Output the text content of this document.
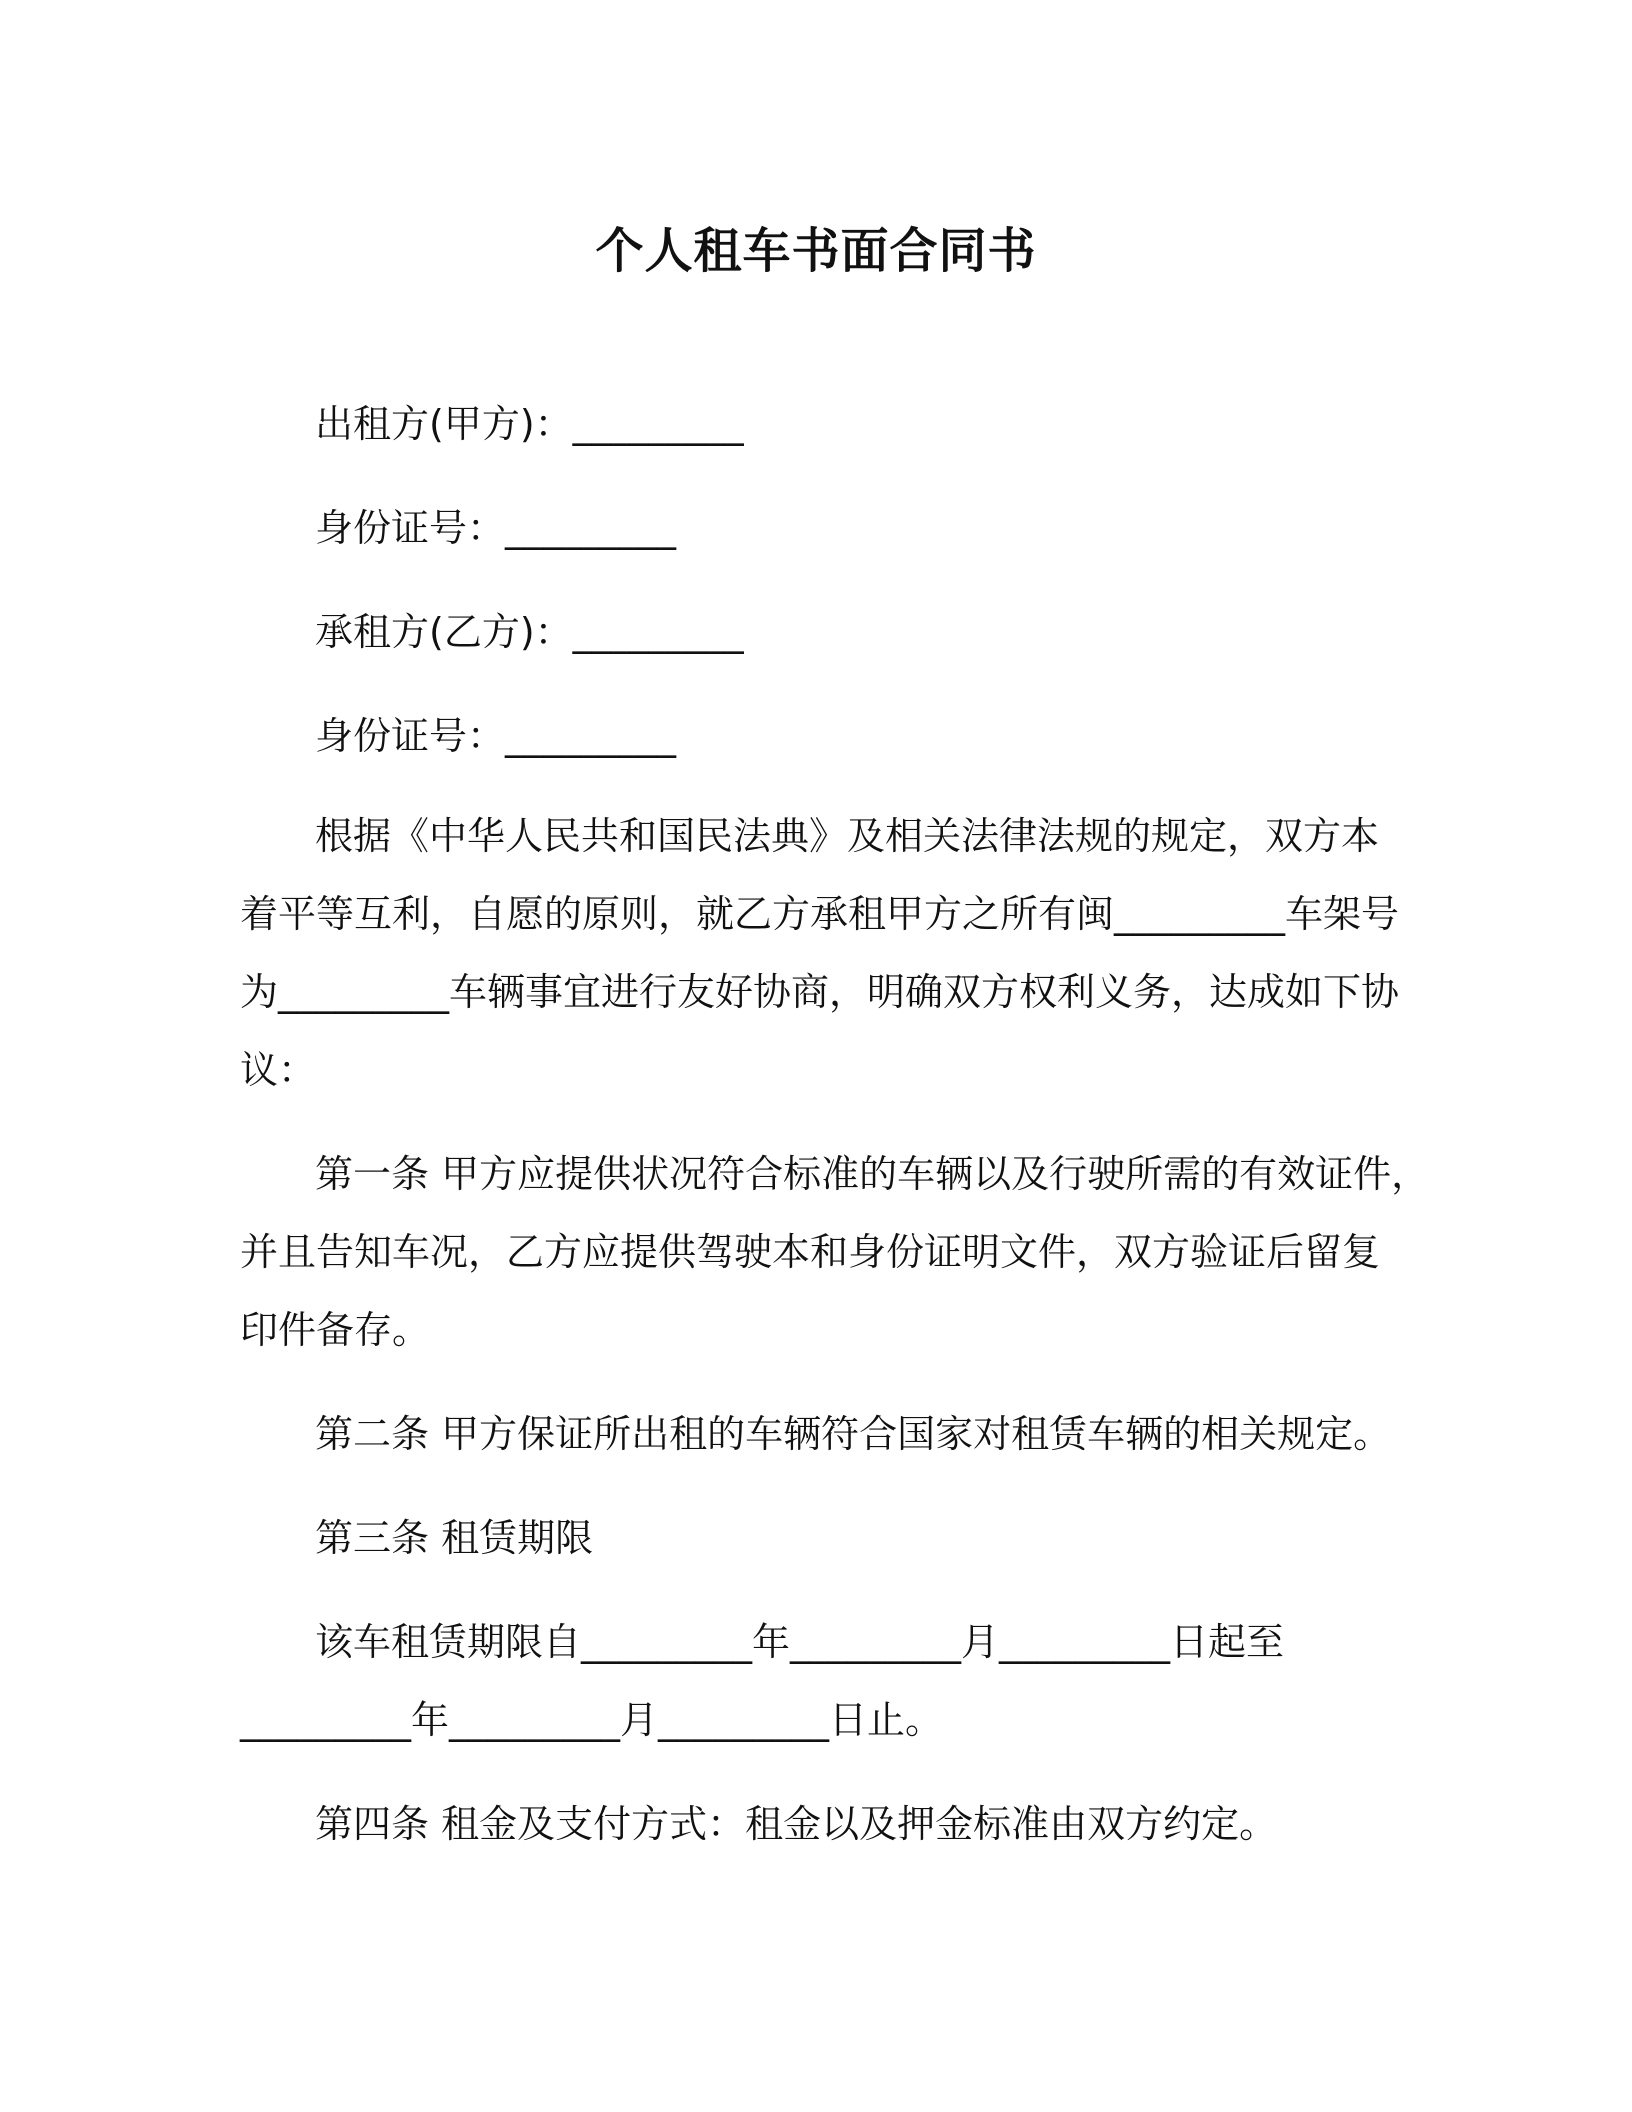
个人租车书面合同书
出租方(甲方)：_________
身份证号：_________
承租方(乙方)：_________
身份证号：_________
根据《中华人民共和国民法典》及相关法律法规的规定，双方本
着平等互利，自愿的原则，就乙方承租甲方之所有闽_________车架号
为_________车辆事宜进行友好协商，明确双方权利义务，达成如下协
议：
第一条 甲方应提供状况符合标准的车辆以及行驶所需的有效证件，
并且告知车况，乙方应提供驾驶本和身份证明文件，双方验证后留复
印件备存。
第二条 甲方保证所出租的车辆符合国家对租赁车辆的相关规定。
第三条 租赁期限
该车租赁期限自_________年_________月_________日起至
_________年_________月_________日止。
第四条 租金及支付方式：租金以及押金标准由双方约定。
